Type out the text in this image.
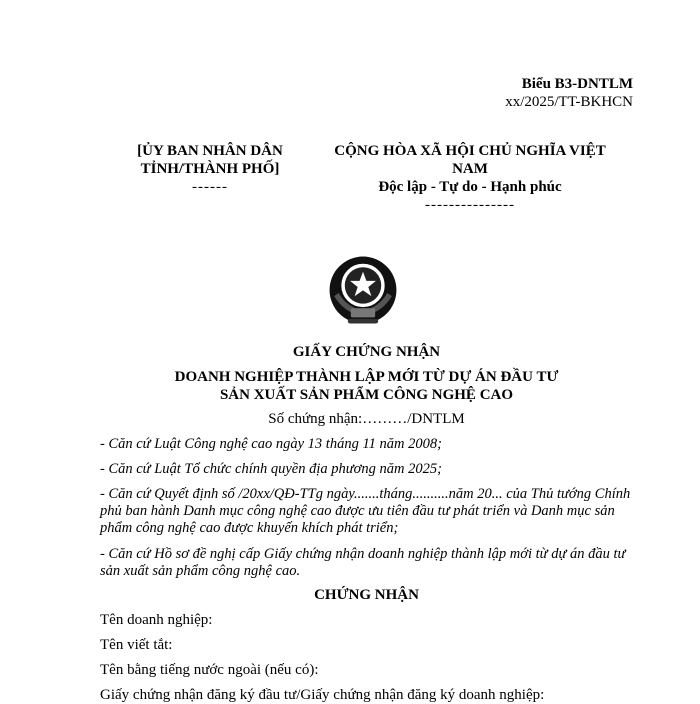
Biểu B3-DNTLM
xx/2025/TT-BKHCN
[ỦY BAN NHÂN DÂN
TỈNH/THÀNH PHỐ]
------
CỘNG HÒA XÃ HỘI CHỦ NGHĨA VIỆT
NAM
Độc lập - Tự do - Hạnh phúc
---------------
GIẤY CHỨNG NHẬN
DOANH NGHIỆP THÀNH LẬP MỚI TỪ DỰ ÁN ĐẦU TƯ
SẢN XUẤT SẢN PHẨM CÔNG NGHỆ CAO
Số chứng nhận:………/DNTLM
- Căn cứ Luật Công nghệ cao ngày 13 tháng 11 năm 2008;
- Căn cứ Luật Tổ chức chính quyền địa phương năm 2025;
- Căn cứ Quyết định số /20xx/QĐ-TTg ngày.......tháng..........năm 20... của Thủ tướng Chính phủ ban hành Danh mục công nghệ cao được ưu tiên đầu tư phát triển và Danh mục sản phẩm công nghệ cao được khuyến khích phát triển;
- Căn cứ Hồ sơ đề nghị cấp Giấy chứng nhận doanh nghiệp thành lập mới từ dự án đầu tư sản xuất sản phẩm công nghệ cao.
CHỨNG NHẬN
Tên doanh nghiệp:
Tên viết tắt:
Tên bằng tiếng nước ngoài (nếu có):
Giấy chứng nhận đăng ký đầu tư/Giấy chứng nhận đăng ký doanh nghiệp:
